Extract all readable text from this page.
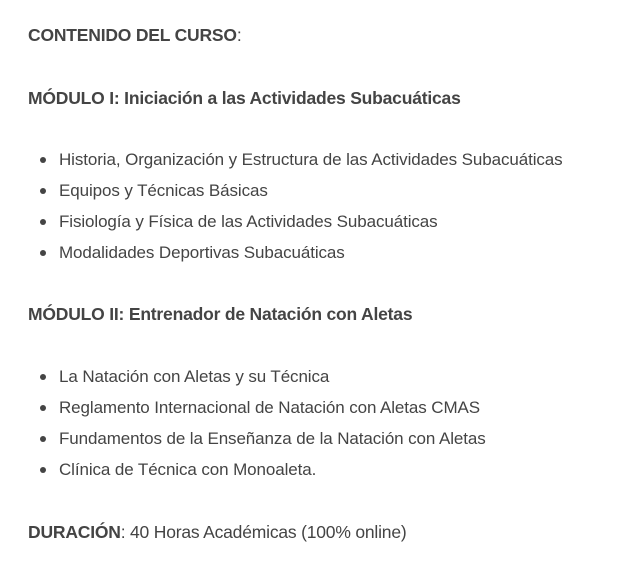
CONTENIDO DEL CURSO:

MÓDULO I: Iniciación a las Actividades Subacuáticas

Historia, Organización y Estructura de las Actividades Subacuáticas
Equipos y Técnicas Básicas
Fisiología y Física de las Actividades Subacuáticas
Modalidades Deportivas Subacuáticas

MÓDULO II: Entrenador de Natación con Aletas

La Natación con Aletas y su Técnica
Reglamento Internacional de Natación con Aletas CMAS
Fundamentos de la Enseñanza de la Natación con Aletas
Clínica de Técnica con Monoaleta.

DURACIÓN: 40 Horas Académicas (100% online)
